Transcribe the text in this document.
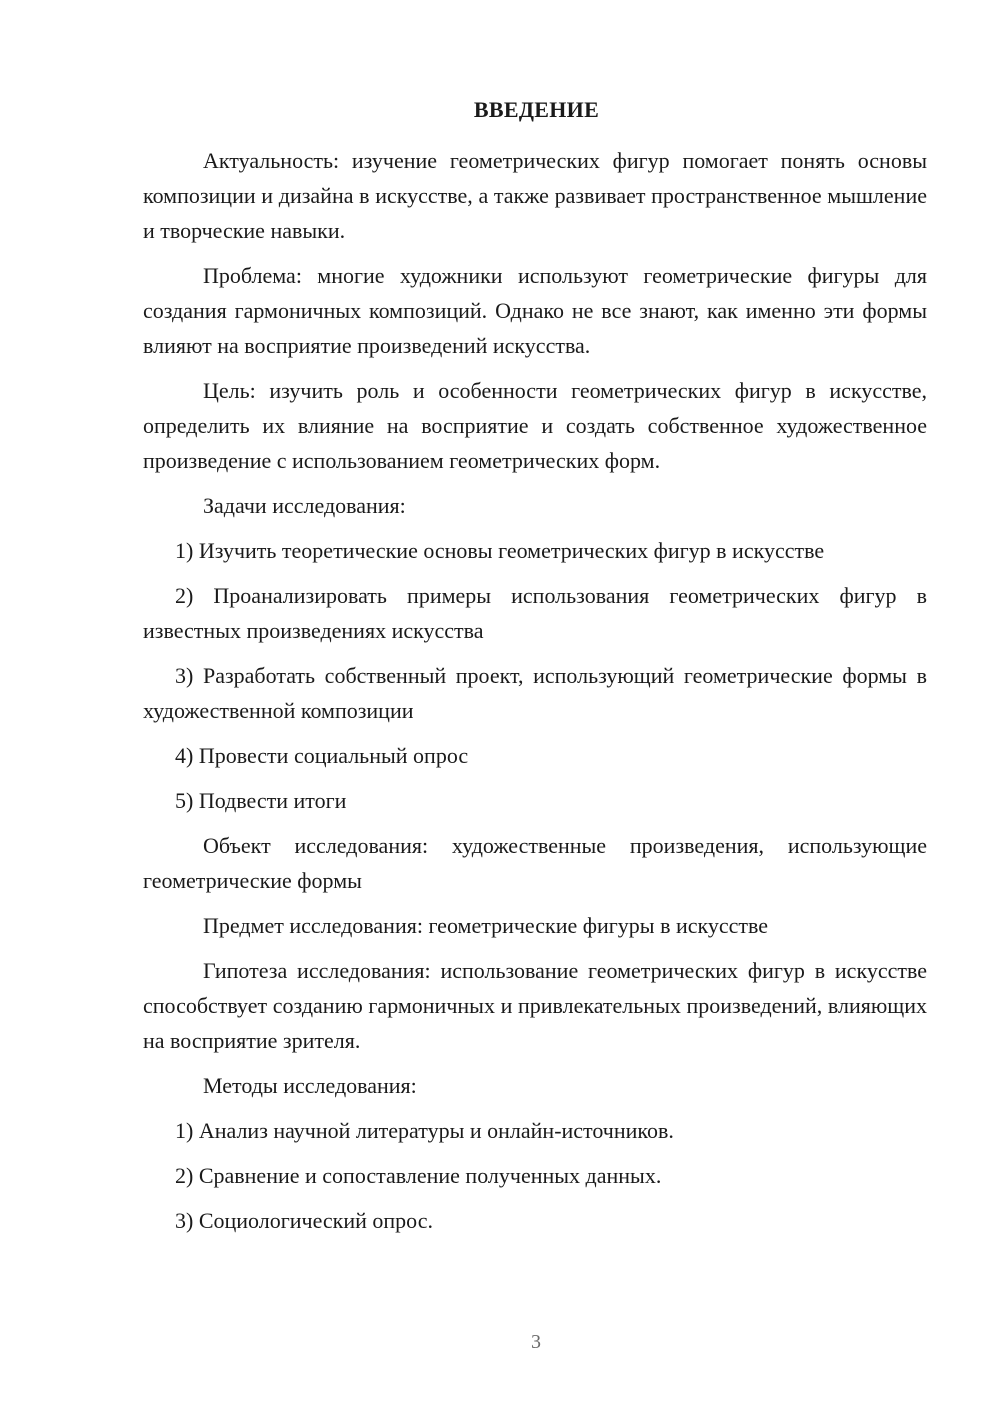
ВВЕДЕНИЕ

Актуальность: изучение геометрических фигур помогает понять основы композиции и дизайна в искусстве, а также развивает пространственное мышление и творческие навыки.

Проблема: многие художники используют геометрические фигуры для создания гармоничных композиций. Однако не все знают, как именно эти формы влияют на восприятие произведений искусства.

Цель: изучить роль и особенности геометрических фигур в искусстве, определить их влияние на восприятие и создать собственное художественное произведение с использованием геометрических форм.

Задачи исследования:

1) Изучить теоретические основы геометрических фигур в искусстве

2) Проанализировать примеры использования геометрических фигур в известных произведениях искусства

3) Разработать собственный проект, использующий геометрические формы в художественной композиции

4) Провести социальный опрос

5) Подвести итоги

Объект исследования: художественные произведения, использующие геометрические формы

Предмет исследования: геометрические фигуры в искусстве

Гипотеза исследования: использование геометрических фигур в искусстве способствует созданию гармоничных и привлекательных произведений, влияющих на восприятие зрителя.

Методы исследования:

1) Анализ научной литературы и онлайн-источников.

2) Сравнение и сопоставление полученных данных.

3) Социологический опрос.

3
